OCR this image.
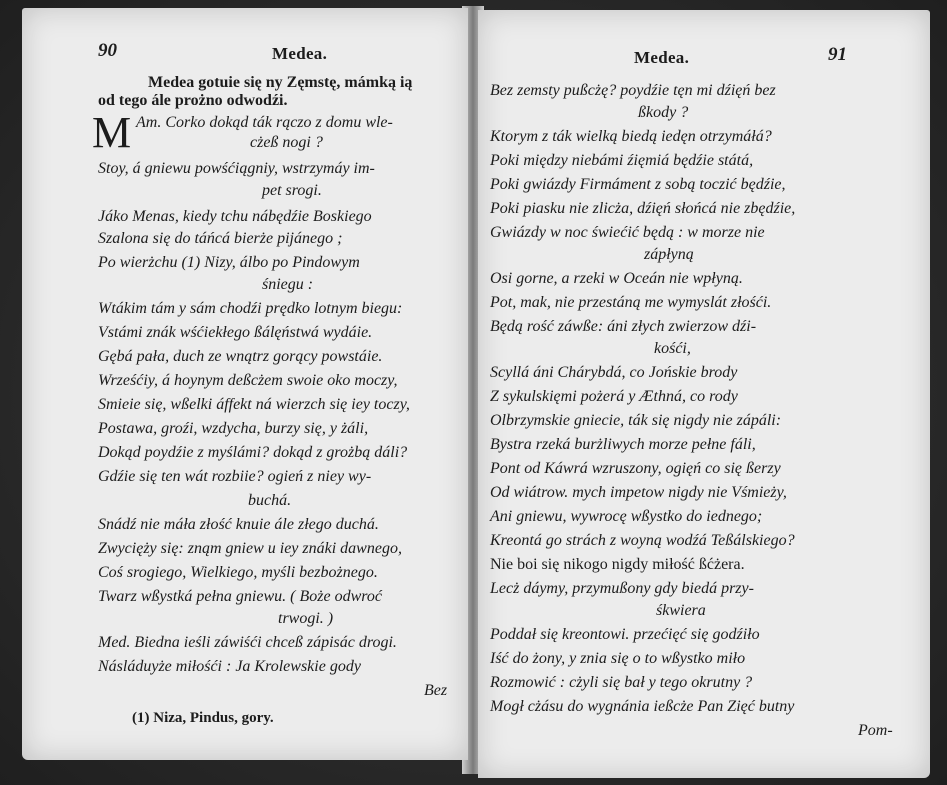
90	Medea.
Medea gotuie się ny Zęmstę, mámką ią
od tego ále prożno odwodźi.
M Am. Corko dokąd ták rączo z domu wle-
cżeß nogi ?
Stoy, á gniewu powśćiągniy, wstrzymáy im-
pet srogi.
Jáko Menas, kiedy tchu nábędźie Boskiego
Szalona się do táńcá bierże pijánego ;
Po wierżchu (1) Nizy, álbo po Pindowym
śniegu :
Wtákim tám y sám chodźi prędko lotnym biegu:
Vstámi znák wśćiekłego ßálęństwá wydáie.
Gębá pała, duch ze wnątrz gorący powstáie.
Wrześćiy, á hoynym deßcżem swoie oko moczy,
Smieie się, wßelki áffekt ná wierzch się iey toczy,
Postawa, groźi, wzdycha, burzy się, y żáli,
Dokąd poydźie z myślámi? dokąd z grożbą dáli?
Gdźie się ten wát rozbiie? ogień z niey wy-
buchá.
Snádź nie máła złość knuie ále złego duchá.
Zwycięży się: znąm gniew u iey znáki dawnego,
Coś srogiego, Wielkiego, myśli bezbożnego.
Twarz wßystká pełna gniewu. ( Boże odwroć
trwogi. )
Med. Biedna ieśli záwiśći chceß zápisác drogi.
Násláduyże miłośći : Ja Krolewskie gody
Bez
(1) Niza, Pindus, gory.
Medea.	91
Bez zemsty pußcżę? poydźie tęn mi dźięń bez
ßkody ?
Ktorym z ták wielką biedą iedęn otrzymáłá?
Poki między niebámi źięmiá będźie státá,
Poki gwiázdy Firmáment z sobą toczić będźie,
Poki piasku nie zlicża, dźięń słońcá nie zbędźie,
Gwiázdy w noc świećić będą : w morze nie
zápłyną
Osi gorne, a rzeki w Oceán nie wpłyną.
Pot, mak, nie przestáną me wymyslát złośći.
Będą rość záwße: áni złych zwierzow dźi-
kośći,
Scyllá áni Chárybdá, co Jońskie brody
Z sykulskięmi pożerá y Æthná, co rody
Olbrzymskie gniecie, ták się nigdy nie zápáli:
Bystra rzeká burżliwych morze pełne fáli,
Pont od Káwrá wzruszony, ogięń co się ßerzy
Od wiátrow. mych impetow nigdy nie Vśmieży,
Ani gniewu, wywrocę wßystko do iednego;
Kreontá go strách z woyną wodźá Teßálskiego?
Nie boi się nikogo nigdy miłość ßćżera.
Lecż dáymy, przymußony gdy biedá przy-
śkwiera
Poddał się kreontowi. przećięć się godźiło
Iść do żony, y znia się o to wßystko miło
Rozmowić : cżyli się bał y tego okrutny ?
Mogł cżásu do wygnánia ießcże Pan Zięć butny
Pom-
